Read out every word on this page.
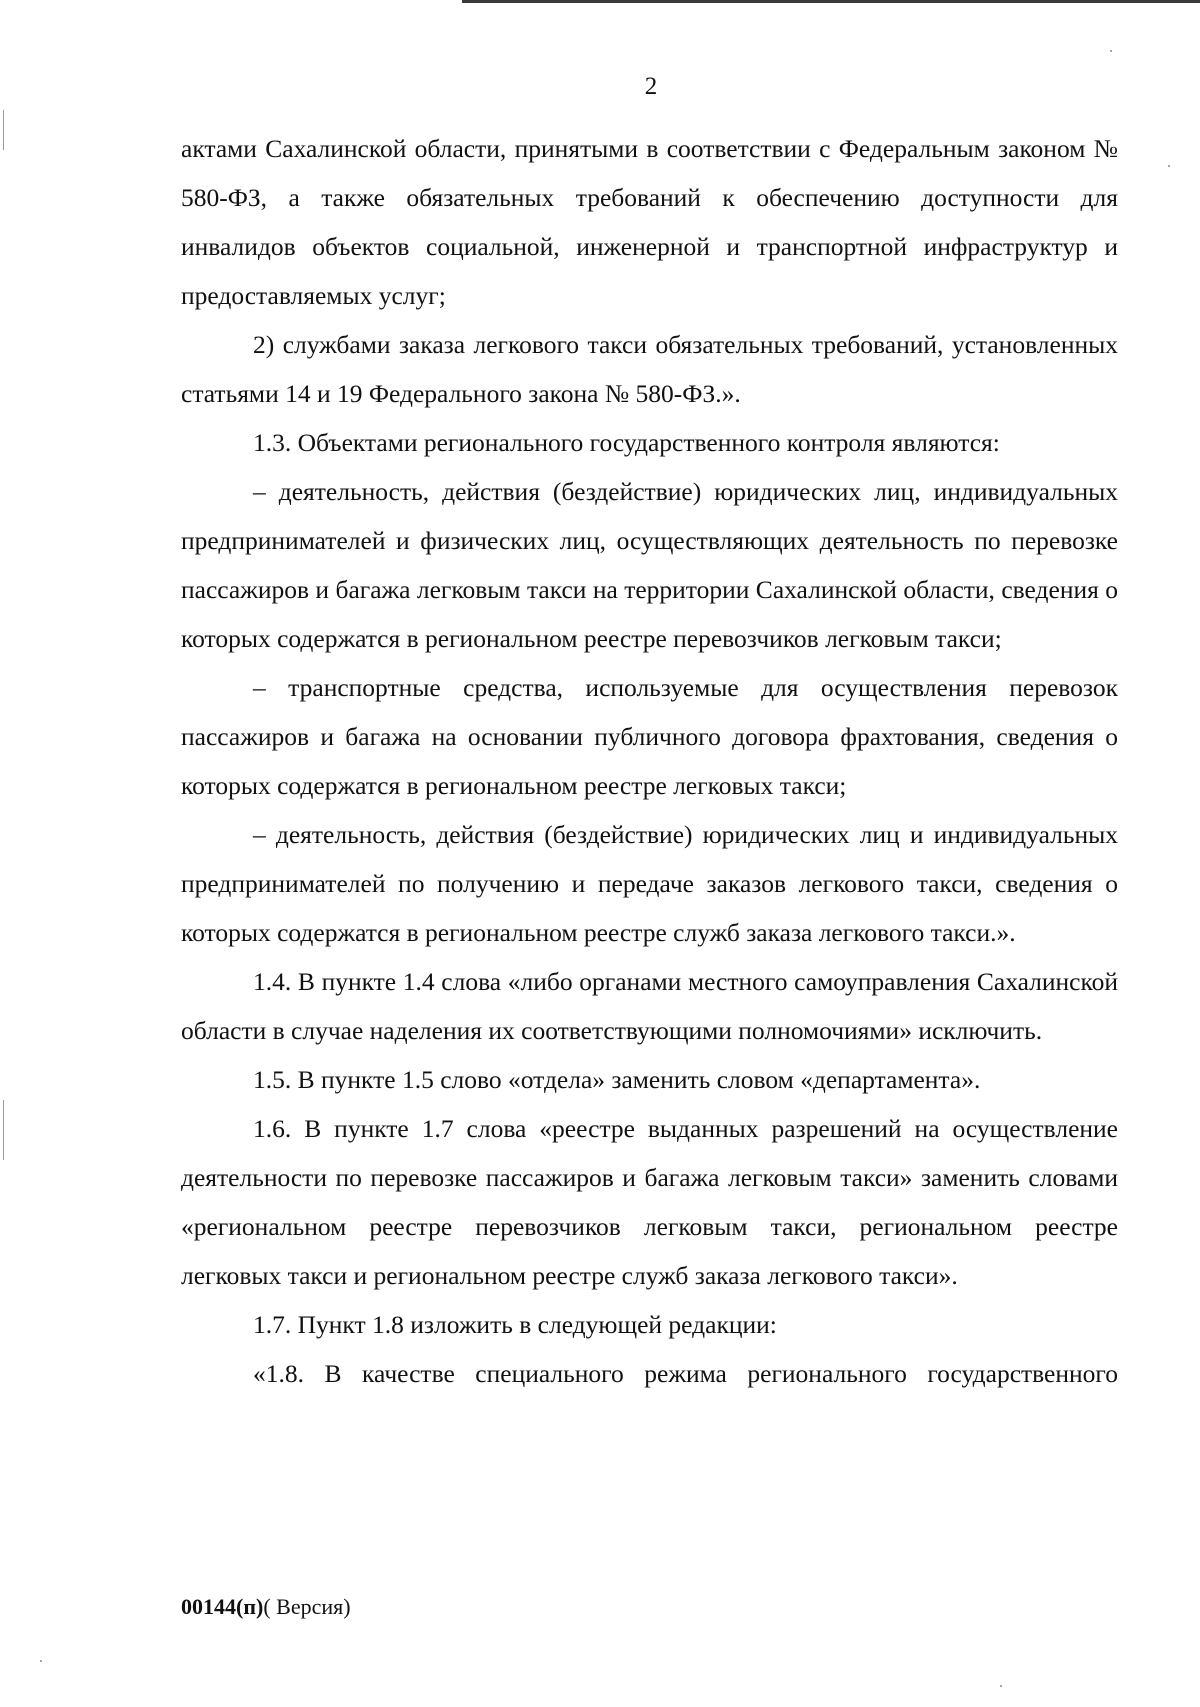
2

актами Сахалинской области, принятыми в соответствии с Федеральным законом № 580-ФЗ, а также обязательных требований к обеспечению доступности для инвалидов объектов социальной, инженерной и транспортной инфраструктур и предоставляемых услуг;

2) службами заказа легкового такси обязательных требований, установленных статьями 14 и 19 Федерального закона № 580-ФЗ.».

1.3. Объектами регионального государственного контроля являются:

– деятельность, действия (бездействие) юридических лиц, индивидуальных предпринимателей и физических лиц, осуществляющих деятельность по перевозке пассажиров и багажа легковым такси на территории Сахалинской области, сведения о которых содержатся в региональном реестре перевозчиков легковым такси;

– транспортные средства, используемые для осуществления перевозок пассажиров и багажа на основании публичного договора фрахтования, сведения о которых содержатся в региональном реестре легковых такси;

– деятельность, действия (бездействие) юридических лиц и индивидуальных предпринимателей по получению и передаче заказов легкового такси, сведения о которых содержатся в региональном реестре служб заказа легкового такси.».

1.4. В пункте 1.4 слова «либо органами местного самоуправления Сахалинской области в случае наделения их соответствующими полномочиями» исключить.

1.5. В пункте 1.5 слово «отдела» заменить словом «департамента».

1.6. В пункте 1.7 слова «реестре выданных разрешений на осуществление деятельности по перевозке пассажиров и багажа легковым такси» заменить словами «региональном реестре перевозчиков легковым такси, региональном реестре легковых такси и региональном реестре служб заказа легкового такси».

1.7. Пункт 1.8 изложить в следующей редакции:

«1.8. В качестве специального режима регионального государственного

00144(п)( Версия)
